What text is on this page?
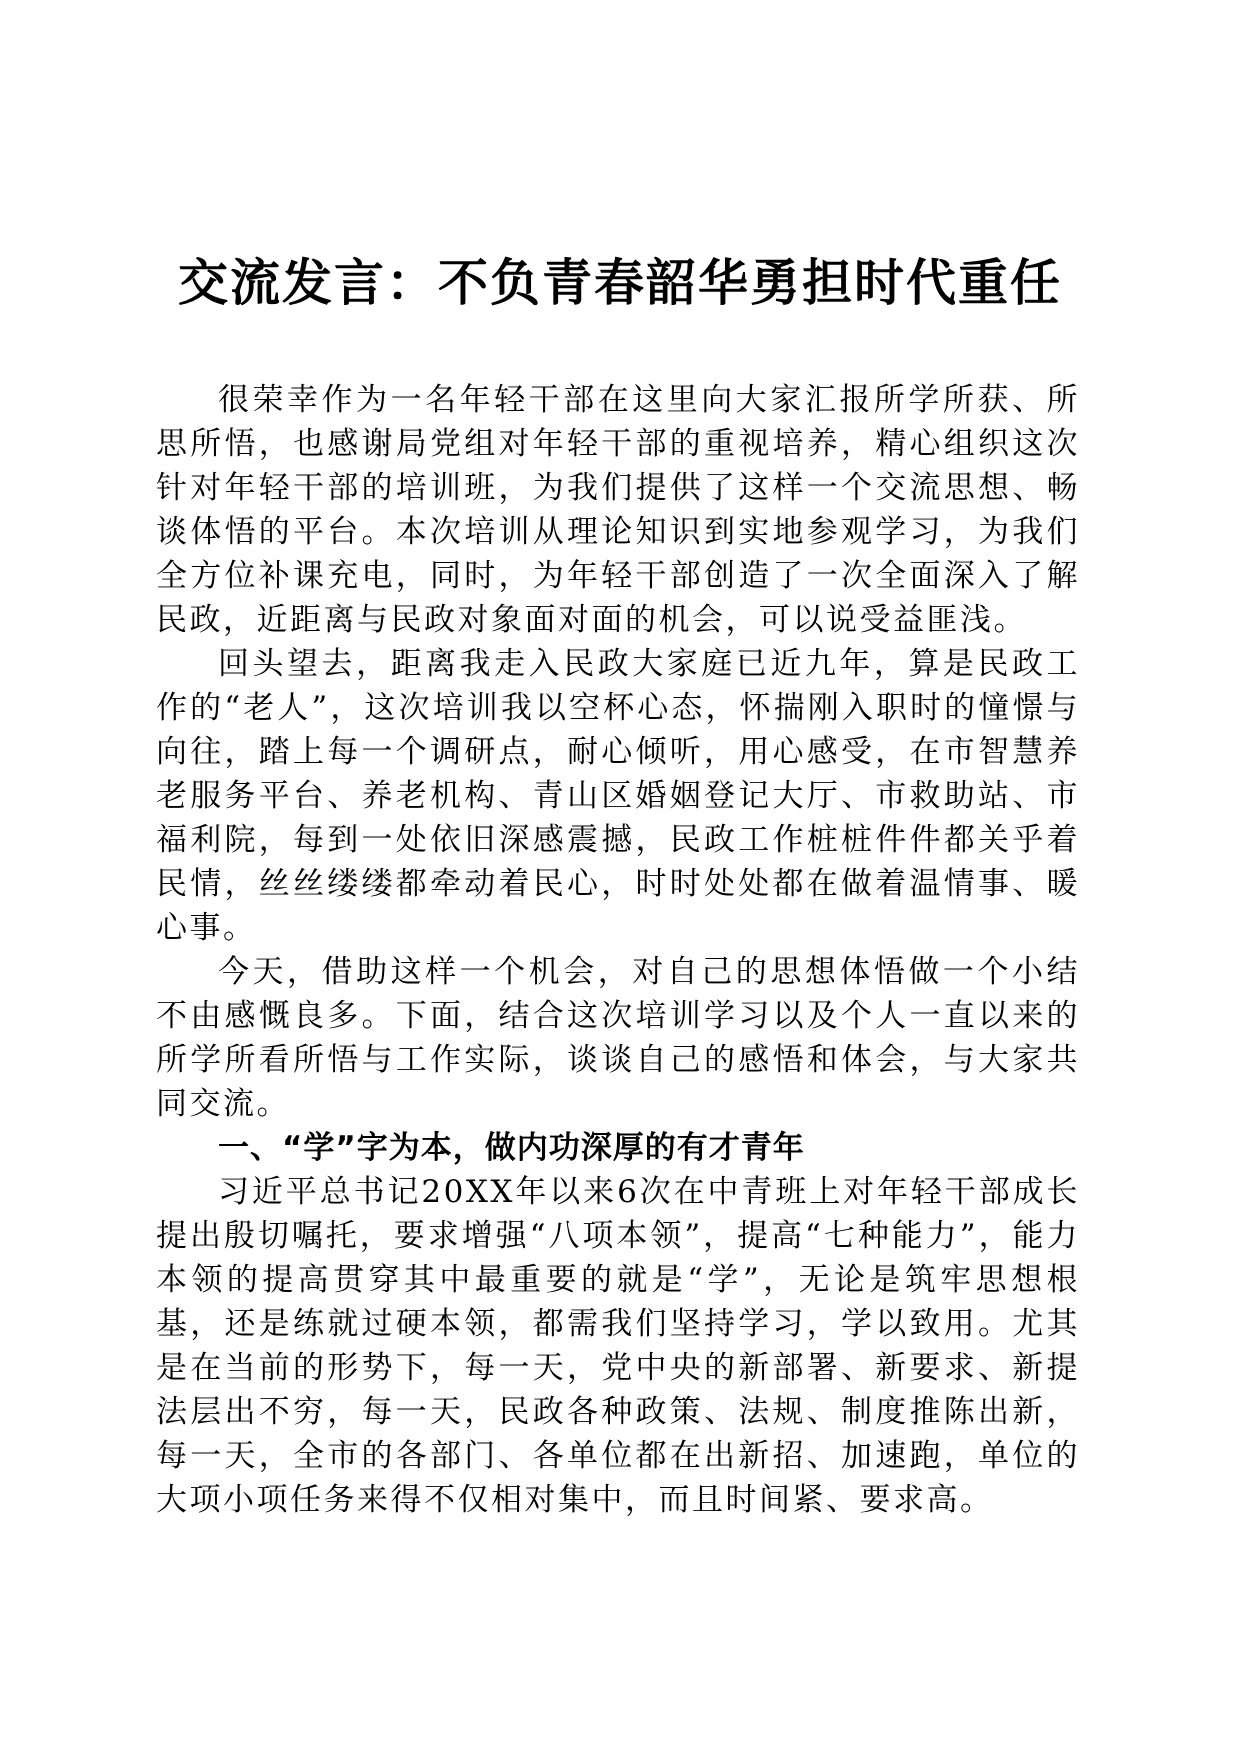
交流发言：不负青春韶华勇担时代重任

很荣幸作为一名年轻干部在这里向大家汇报所学所获、所思所悟，也感谢局党组对年轻干部的重视培养，精心组织这次针对年轻干部的培训班，为我们提供了这样一个交流思想、畅谈体悟的平台。本次培训从理论知识到实地参观学习，为我们全方位补课充电，同时，为年轻干部创造了一次全面深入了解民政，近距离与民政对象面对面的机会，可以说受益匪浅。

回头望去，距离我走入民政大家庭已近九年，算是民政工作的“老人”，这次培训我以空杯心态，怀揣刚入职时的憧憬与向往，踏上每一个调研点，耐心倾听，用心感受，在市智慧养老服务平台、养老机构、青山区婚姻登记大厅、市救助站、市福利院，每到一处依旧深感震撼，民政工作桩桩件件都关乎着民情，丝丝缕缕都牵动着民心，时时处处都在做着温情事、暖心事。

今天，借助这样一个机会，对自己的思想体悟做一个小结不由感慨良多。下面，结合这次培训学习以及个人一直以来的所学所看所悟与工作实际，谈谈自己的感悟和体会，与大家共同交流。

一、“学”字为本，做内功深厚的有才青年

习近平总书记20XX年以来6次在中青班上对年轻干部成长提出殷切嘱托，要求增强“八项本领”，提高“七种能力”，能力本领的提高贯穿其中最重要的就是“学”，无论是筑牢思想根基，还是练就过硬本领，都需我们坚持学习，学以致用。尤其是在当前的形势下，每一天，党中央的新部署、新要求、新提法层出不穷，每一天，民政各种政策、法规、制度推陈出新，每一天，全市的各部门、各单位都在出新招、加速跑，单位的大项小项任务来得不仅相对集中，而且时间紧、要求高。
